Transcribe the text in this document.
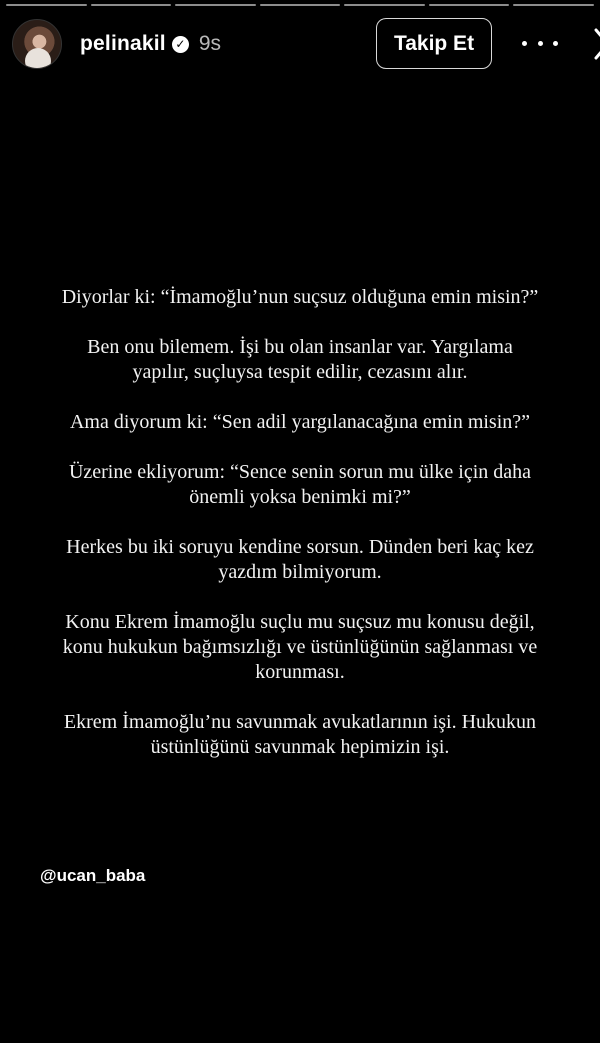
pelinakil ✓ 9s	Takip Et

Diyorlar ki: “İmamoğlu’nun suçsuz olduğuna emin misin?”

Ben onu bilemem. İşi bu olan insanlar var. Yargılama yapılır, suçluysa tespit edilir, cezasını alır.

Ama diyorum ki: “Sen adil yargılanacağına emin misin?”

Üzerine ekliyorum: “Sence senin sorun mu ülke için daha önemli yoksa benimki mi?”

Herkes bu iki soruyu kendine sorsun. Dünden beri kaç kez yazdım bilmiyorum.

Konu Ekrem İmamoğlu suçlu mu suçsuz mu konusu değil, konu hukukun bağımsızlığı ve üstünlüğünün sağlanması ve korunması.

Ekrem İmamoğlu’nu savunmak avukatlarının işi. Hukukun üstünlüğünü savunmak hepimizin işi.

@ucan_baba
